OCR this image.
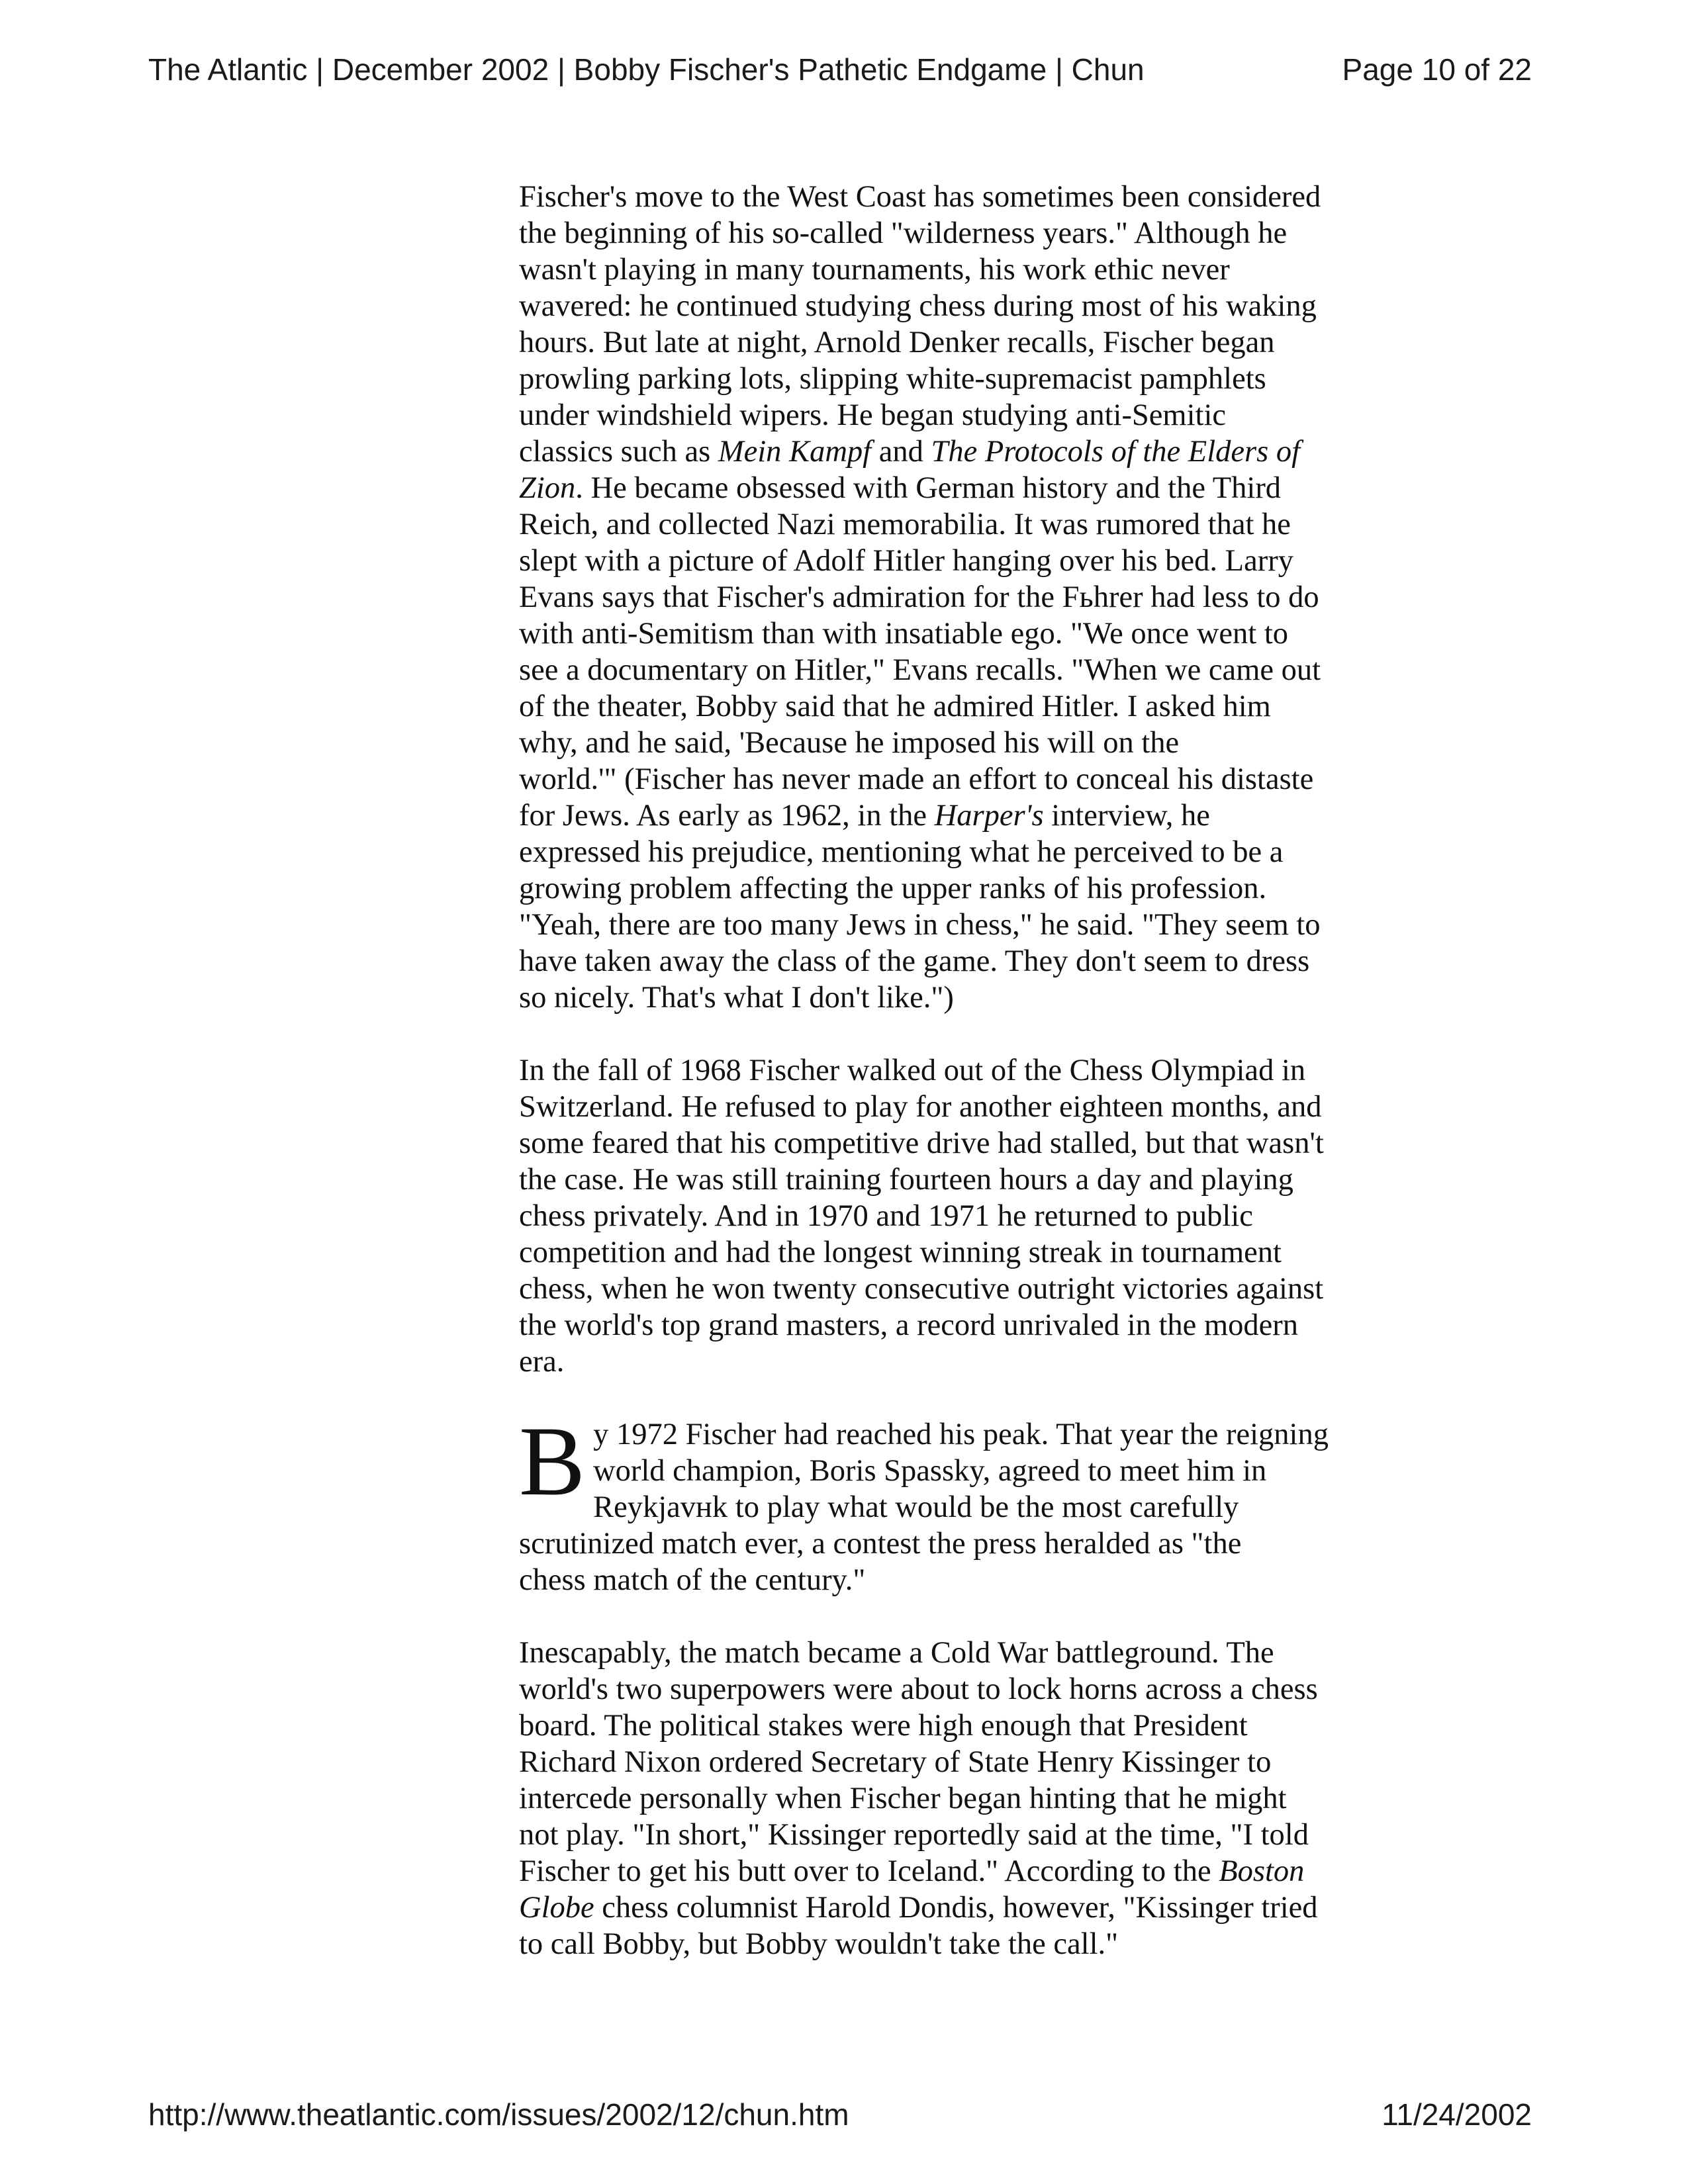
The Atlantic | December 2002 | Bobby Fischer's Pathetic Endgame | Chun	Page 10 of 22

Fischer's move to the West Coast has sometimes been considered
the beginning of his so-called "wilderness years." Although he
wasn't playing in many tournaments, his work ethic never
wavered: he continued studying chess during most of his waking
hours. But late at night, Arnold Denker recalls, Fischer began
prowling parking lots, slipping white-supremacist pamphlets
under windshield wipers. He began studying anti-Semitic
classics such as Mein Kampf and The Protocols of the Elders of
Zion. He became obsessed with German history and the Third
Reich, and collected Nazi memorabilia. It was rumored that he
slept with a picture of Adolf Hitler hanging over his bed. Larry
Evans says that Fischer's admiration for the Fьhrer had less to do
with anti-Semitism than with insatiable ego. "We once went to
see a documentary on Hitler," Evans recalls. "When we came out
of the theater, Bobby said that he admired Hitler. I asked him
why, and he said, 'Because he imposed his will on the
world.'" (Fischer has never made an effort to conceal his distaste
for Jews. As early as 1962, in the Harper's interview, he
expressed his prejudice, mentioning what he perceived to be a
growing problem affecting the upper ranks of his profession.
"Yeah, there are too many Jews in chess," he said. "They seem to
have taken away the class of the game. They don't seem to dress
so nicely. That's what I don't like.")

In the fall of 1968 Fischer walked out of the Chess Olympiad in
Switzerland. He refused to play for another eighteen months, and
some feared that his competitive drive had stalled, but that wasn't
the case. He was still training fourteen hours a day and playing
chess privately. And in 1970 and 1971 he returned to public
competition and had the longest winning streak in tournament
chess, when he won twenty consecutive outright victories against
the world's top grand masters, a record unrivaled in the modern
era.

By 1972 Fischer had reached his peak. That year the reigning
world champion, Boris Spassky, agreed to meet him in
Reykjavнk to play what would be the most carefully
scrutinized match ever, a contest the press heralded as "the
chess match of the century."

Inescapably, the match became a Cold War battleground. The
world's two superpowers were about to lock horns across a chess
board. The political stakes were high enough that President
Richard Nixon ordered Secretary of State Henry Kissinger to
intercede personally when Fischer began hinting that he might
not play. "In short," Kissinger reportedly said at the time, "I told
Fischer to get his butt over to Iceland." According to the Boston
Globe chess columnist Harold Dondis, however, "Kissinger tried
to call Bobby, but Bobby wouldn't take the call."

http://www.theatlantic.com/issues/2002/12/chun.htm	11/24/2002
